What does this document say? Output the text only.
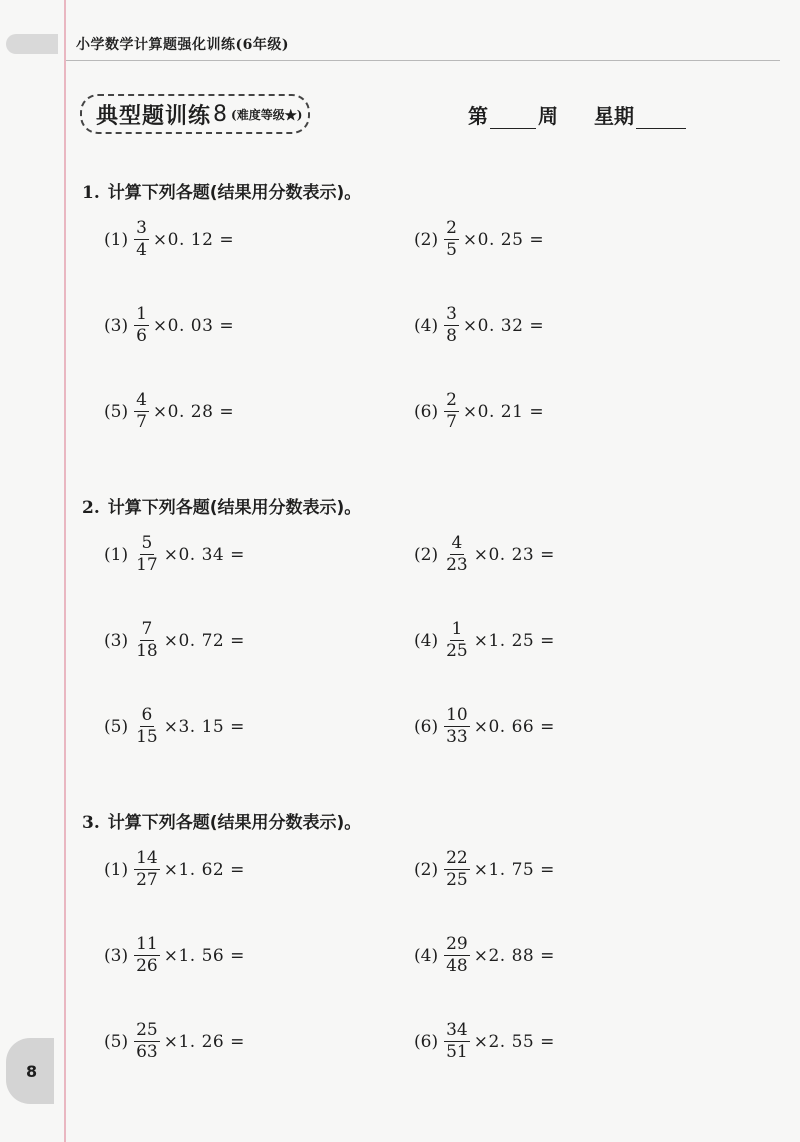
小学数学计算题强化训练(6年级)
典型题训练 8 (难度等级★)	第	周 星期
1. 计算下列各题(结果用分数表示)。
$(1) \frac{3}{4} \times 0$. 12 =	$(2) \frac{2}{5} \times 0$. 25 =
$(3) \frac{1}{6} \times 0$. 03 =	$(4) \frac{3}{8} \times 0$. 32 =
$(5) \frac{4}{7} \times 0$. 28 =	$(6) \frac{2}{7} \times 0$. 21 =
2. 计算下列各题(结果用分数表示)。
$(1) \frac{5}{17} \times 0$. 34 =	$(2) \frac{4}{23} \times 0$. 23 =
$(3) \frac{7}{18} \times 0$. 72 =	$(4) \frac{1}{25} \times 1$. 25 =
$(5) \frac{6}{15} \times 3$. 15 =	$(6) \frac{10}{33} \times 0$. 66 =
3. 计算下列各题(结果用分数表示)。
$(1) \frac{14}{27} \times 1$. 62 =	$(2) \frac{22}{25} \times 1$. 75 =
$(3) \frac{11}{26} \times 1$. 56 =	$(4) \frac{29}{48} \times 2$. 88 =
$(5) \frac{25}{63} \times 1$. 26 =	$(6) \frac{34}{51} \times 2$. 55 =
8
